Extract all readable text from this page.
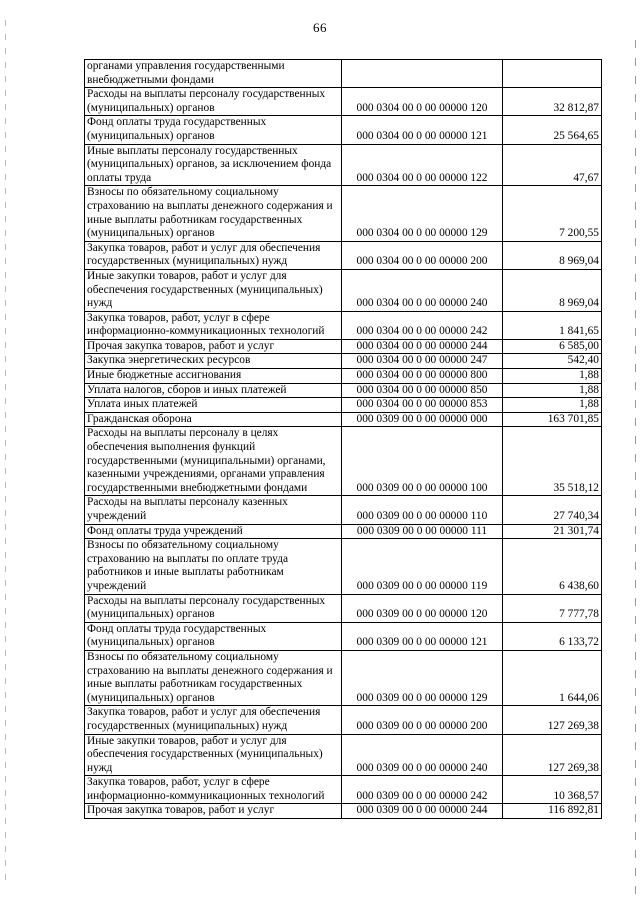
66
органами управления государственными внебюджетными фондами		
Расходы на выплаты персоналу государственных (муниципальных) органов	000 0304 00 0 00 00000 120	32 812,87
Фонд оплаты труда государственных (муниципальных) органов	000 0304 00 0 00 00000 121	25 564,65
Иные выплаты персоналу государственных (муниципальных) органов, за исключением фонда оплаты труда	000 0304 00 0 00 00000 122	47,67
Взносы по обязательному социальному страхованию на выплаты денежного содержания и иные выплаты работникам государственных (муниципальных) органов	000 0304 00 0 00 00000 129	7 200,55
Закупка товаров, работ и услуг для обеспечения государственных (муниципальных) нужд	000 0304 00 0 00 00000 200	8 969,04
Иные закупки товаров, работ и услуг для обеспечения государственных (муниципальных) нужд	000 0304 00 0 00 00000 240	8 969,04
Закупка товаров, работ, услуг в сфере информационно-коммуникационных технологий	000 0304 00 0 00 00000 242	1 841,65
Прочая закупка товаров, работ и услуг	000 0304 00 0 00 00000 244	6 585,00
Закупка энергетических ресурсов	000 0304 00 0 00 00000 247	542,40
Иные бюджетные ассигнования	000 0304 00 0 00 00000 800	1,88
Уплата налогов, сборов и иных платежей	000 0304 00 0 00 00000 850	1,88
Уплата иных платежей	000 0304 00 0 00 00000 853	1,88
Гражданская оборона	000 0309 00 0 00 00000 000	163 701,85
Расходы на выплаты персоналу в целях обеспечения выполнения функций государственными (муниципальными) органами, казенными учреждениями, органами управления государственными внебюджетными фондами	000 0309 00 0 00 00000 100	35 518,12
Расходы на выплаты персоналу казенных учреждений	000 0309 00 0 00 00000 110	27 740,34
Фонд оплаты труда учреждений	000 0309 00 0 00 00000 111	21 301,74
Взносы по обязательному социальному страхованию на выплаты по оплате труда работников и иные выплаты работникам учреждений	000 0309 00 0 00 00000 119	6 438,60
Расходы на выплаты персоналу государственных (муниципальных) органов	000 0309 00 0 00 00000 120	7 777,78
Фонд оплаты труда государственных (муниципальных) органов	000 0309 00 0 00 00000 121	6 133,72
Взносы по обязательному социальному страхованию на выплаты денежного содержания и иные выплаты работникам государственных (муниципальных) органов	000 0309 00 0 00 00000 129	1 644,06
Закупка товаров, работ и услуг для обеспечения государственных (муниципальных) нужд	000 0309 00 0 00 00000 200	127 269,38
Иные закупки товаров, работ и услуг для обеспечения государственных (муниципальных) нужд	000 0309 00 0 00 00000 240	127 269,38
Закупка товаров, работ, услуг в сфере информационно-коммуникационных технологий	000 0309 00 0 00 00000 242	10 368,57
Прочая закупка товаров, работ и услуг	000 0309 00 0 00 00000 244	116 892,81
